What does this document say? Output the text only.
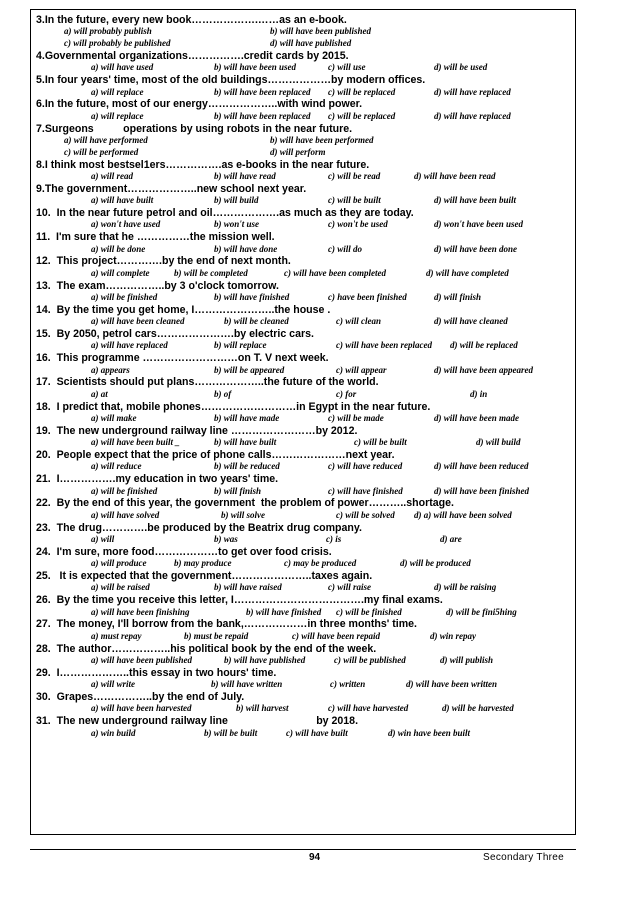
3.In the future, every new book……………….……as an e-book.
a) will probably publish	b) will have been published
c) will probably be published	d) will have published
4.Governmental organizations…………….credit cards by 2015.
a) will have used	b) will have been used	c) will use	d) will be used
5.In four years' time, most of the old buildings………………by modern offices.
a) will replace	b) will have been replaced c) will be replaced	d) will have replaced
6.In the future, most of our energy………………..with wind power.
a) will replace	b) will have been replaced c) will be replaced	d) will have replaced
7.Surgeons          operations by using robots in the near future.
a) will have performed	b) will have been performed
c) will be performed	d) will perform
8.I think most bestsel1ers…………….as e-books in the near future.
a) will read	b) will have read	c) will be read	d) will have been read
9.The government………………..new school next year.
a) will have built	b) will build	c) will be built	d) will have been built
10.  In the near future petrol and oil……………….as much as they are today.
a) won't have used	b) won't use	c) won't be used	d) won't have been used
11.  I'm sure that he ……………the mission well.
a) will be done	b) will have done	c) will do	d) will have been done
12.  This project………….by the end of next month.
a) will complete	b) will be completed	c) will have been completed	d) will have completed
13.  The exam……………..by 3 o'clock tomorrow.
a) will be finished	b) will have finished	c) have been finished	d) will finish
14.  By the time you get home, I…………………..the house .
a) will have been cleaned	b) will be cleaned	c) will clean	d) will have cleaned
15.  By 2050, petrol cars………………….by electric cars.
a) will have replaced	b) will replace	c) will have been replaced d) will be replaced
16.  This programme ………………………on T. V next week.
a) appears	b) will be appeared	c) will appear	d) will have been appeared
17.  Scientists should put plans………………..the future of the world.
a) at	b) of	c) for	d) in
18.  I predict that, mobile phones………………………in Egypt in the near future.
a) will make	b) will have made	c) will be made	d) will have been made
19.  The new underground railway line ……………………by 2012.
a) will have been built _	b) will have built	c) will be built	d) will build
20.  People expect that the price of phone calls…………………next year.
a) will reduce	b) will be reduced	c) will have reduced	d) will have been reduced
21.  I…………….my education in two years' time.
a) will be finished	b) will finish	c) will have finished	d) will have been finished
22.  By the end of this year, the government  the problem of power………..shortage.
a) will have solved	b) will solve	c) will be solved d) a) will have been solved
23.  The drug………….be produced by the Beatrix drug company.
a) will	b) was	c) is	d) are
24.  I'm sure, more food………………to get over food crisis.
a) will produce	b) may produce	c) may be produced	d) will be produced
25.   It is expected that the government…………………..taxes again.
a) will be raised	b) will have raised	c) will raise	d) will be raising
26.  By the time you receive this letter, I……………………………….my final exams.
a) will have been finishing	b) will have finished c) will be finished	d) will be fini5hing
27.  The money, I'll borrow from the bank,………………in three months' time.
a) must repay	b) must be repaid	c) will have been repaid	d) win repay
28.  The author……………..his political book by the end of the week.
a) will have been published	b) will have published	c) will be published	d) will publish
29.  I………………..this essay in two hours' time.
a) will write	b) will have written	c) written	d) will have been written
30.  Grapes……………..by the end of July.
a) will have been harvested	b) will harvest	c) will have harvested	d) will be harvested
31.  The new underground railway line                              by 2018.
a) win build	b) will be built	c) will have built	d) win have been built
94	Secondary Three
